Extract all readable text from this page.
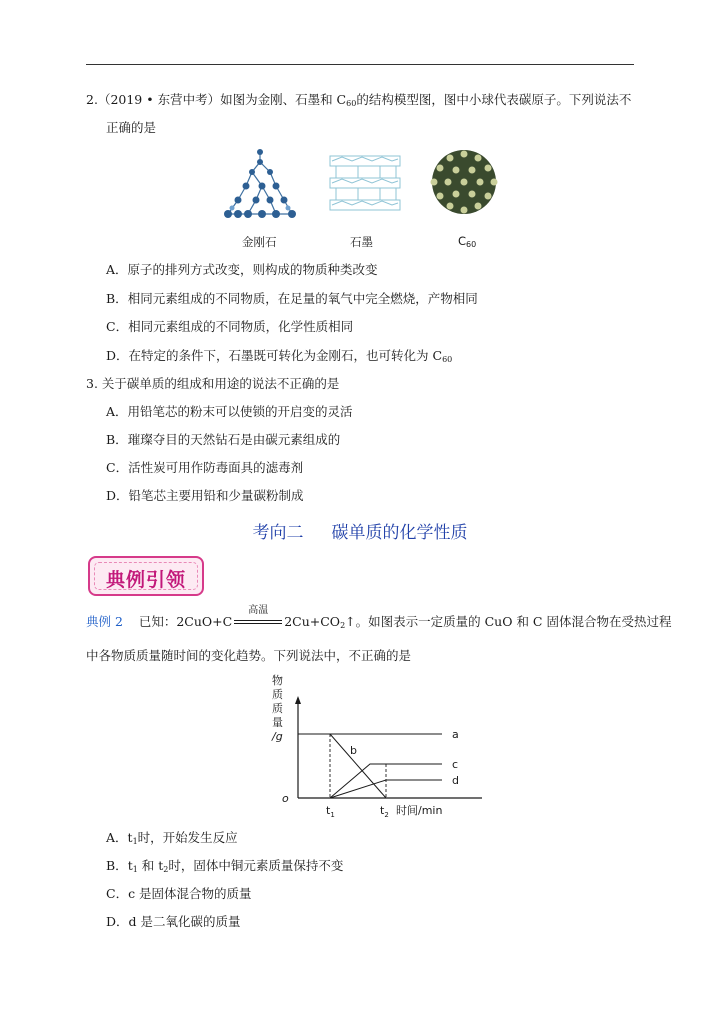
2.（2019 • 东营中考）如图为金刚、石墨和 $C_{60}$的结构模型图，图中小球代表碳原子。下列说法不
正确的是
金刚石	石墨	$C_{60}$
A．原子的排列方式改变，则构成的物质种类改变
B．相同元素组成的不同物质，在足量的氧气中完全燃烧，产物相同
C．相同元素组成的不同物质，化学性质相同
D．在特定的条件下，石墨既可转化为金刚石，也可转化为 $C_{60}$
3. 关于碳单质的组成和用途的说法不正确的是
A．用铅笔芯的粉末可以使锁的开启变的灵活
B．璀璨夺目的天然钻石是由碳元素组成的
C．活性炭可用作防毒面具的滤毒剂
D．铅笔芯主要用铅和少量碳粉制成
考向二 碳单质的化学性质
典例引领
典例 2 已知：2CuO+C
高温
$2Cu+CO_2↑$。如图表示一定质量的 CuO 和 C 固体混合物在受热过程
中各物质质量随时间的变化趋势。下列说法中，不正确的是
物
质
质
量
/g	a
b
c
d
o
$t_1$	$t_2$ 时间/min
A．$t_1$时，开始发生反应
B．$t_1$ 和 $t_2$时，固体中铜元素质量保持不变
C．c 是固体混合物的质量
D．d 是二氧化碳的质量
